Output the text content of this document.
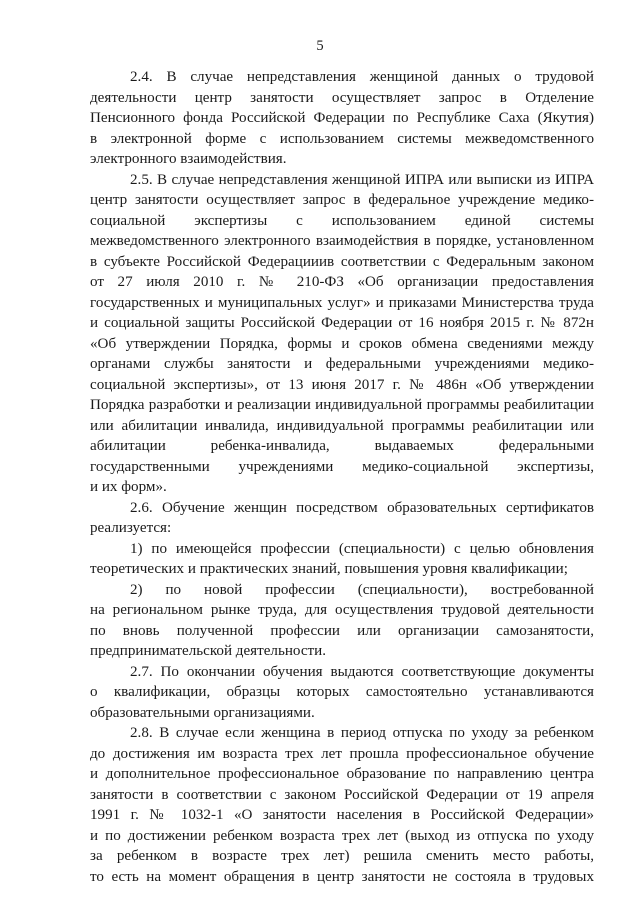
5
2.4. В случае непредставления женщиной данных о трудовой
деятельности центр занятости осуществляет запрос в Отделение
Пенсионного фонда Российской Федерации по Республике Саха (Якутия)
в электронной форме с использованием системы межведомственного
электронного взаимодействия.
2.5. В случае непредставления женщиной ИПРА или выписки из ИПРА
центр занятости осуществляет запрос в федеральное учреждение медико-
социальной экспертизы с использованием единой системы
межведомственного электронного взаимодействия в порядке, установленном
в субъекте Российской Федерацииив соответствии с Федеральным законом
от 27 июля 2010 г. № 210-ФЗ «Об организации предоставления
государственных и муниципальных услуг» и приказами Министерства труда
и социальной защиты Российской Федерации от 16 ноября 2015 г. № 872н
«Об утверждении Порядка, формы и сроков обмена сведениями между
органами службы занятости и федеральными учреждениями медико-
социальной экспертизы», от 13 июня 2017 г. № 486н «Об утверждении
Порядка разработки и реализации индивидуальной программы реабилитации
или абилитации инвалида, индивидуальной программы реабилитации или
абилитации ребенка-инвалида, выдаваемых федеральными
государственными учреждениями медико-социальной экспертизы,
и их форм».
2.6. Обучение женщин посредством образовательных сертификатов
реализуется:
1) по имеющейся профессии (специальности) с целью обновления
теоретических и практических знаний, повышения уровня квалификации;
2) по новой профессии (специальности), востребованной
на региональном рынке труда, для осуществления трудовой деятельности
по вновь полученной профессии или организации самозанятости,
предпринимательской деятельности.
2.7. По окончании обучения выдаются соответствующие документы
о квалификации, образцы которых самостоятельно устанавливаются
образовательными организациями.
2.8. В случае если женщина в период отпуска по уходу за ребенком
до достижения им возраста трех лет прошла профессиональное обучение
и дополнительное профессиональное образование по направлению центра
занятости в соответствии с законом Российской Федерации от 19 апреля
1991 г. № 1032-1 «О занятости населения в Российской Федерации»
и по достижении ребенком возраста трех лет (выход из отпуска по уходу
за ребенком в возрасте трех лет) решила сменить место работы,
то есть на момент обращения в центр занятости не состояла в трудовых
